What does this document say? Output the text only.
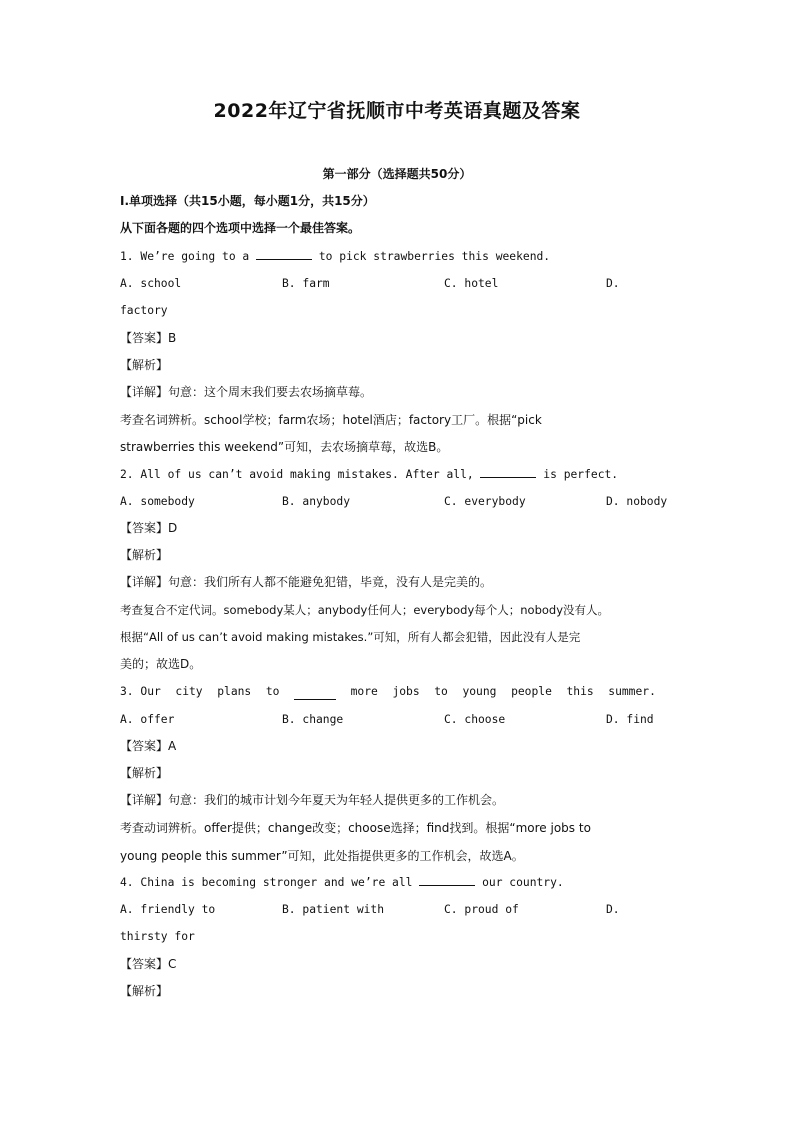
2022年辽宁省抚顺市中考英语真题及答案
第一部分（选择题共50分）
I.单项选择（共15小题，每小题1分，共15分）
从下面各题的四个选项中选择一个最佳答案。
1. We’re going to a	to pick strawberries this weekend.
A. school	B. farm	C. hotel	D.
factory
【答案】B
【解析】
【详解】句意：这个周末我们要去农场摘草莓。
考查名词辨析。school学校；farm农场；hotel酒店；factory工厂。根据“pick
strawberries this weekend”可知，去农场摘草莓，故选B。
2. All of us can’t avoid making mistakes. After all,	is perfect.
A. somebody	B. anybody	C. everybody	D. nobody
【答案】D
【解析】
【详解】句意：我们所有人都不能避免犯错，毕竟，没有人是完美的。
考查复合不定代词。somebody某人；anybody任何人；everybody每个人；nobody没有人。
根据“All of us can’t avoid making mistakes.”可知，所有人都会犯错，因此没有人是完
美的；故选D。
3. Our city plans to	more jobs to young people this summer.
A. offer	B. change	C. choose	D. find
【答案】A
【解析】
【详解】句意：我们的城市计划今年夏天为年轻人提供更多的工作机会。
考查动词辨析。offer提供；change改变；choose选择；find找到。根据“more jobs to
young people this summer”可知，此处指提供更多的工作机会，故选A。
4. China is becoming stronger and we’re all	our country.
A. friendly to	B. patient with	C. proud of	D.
thirsty for
【答案】C
【解析】
